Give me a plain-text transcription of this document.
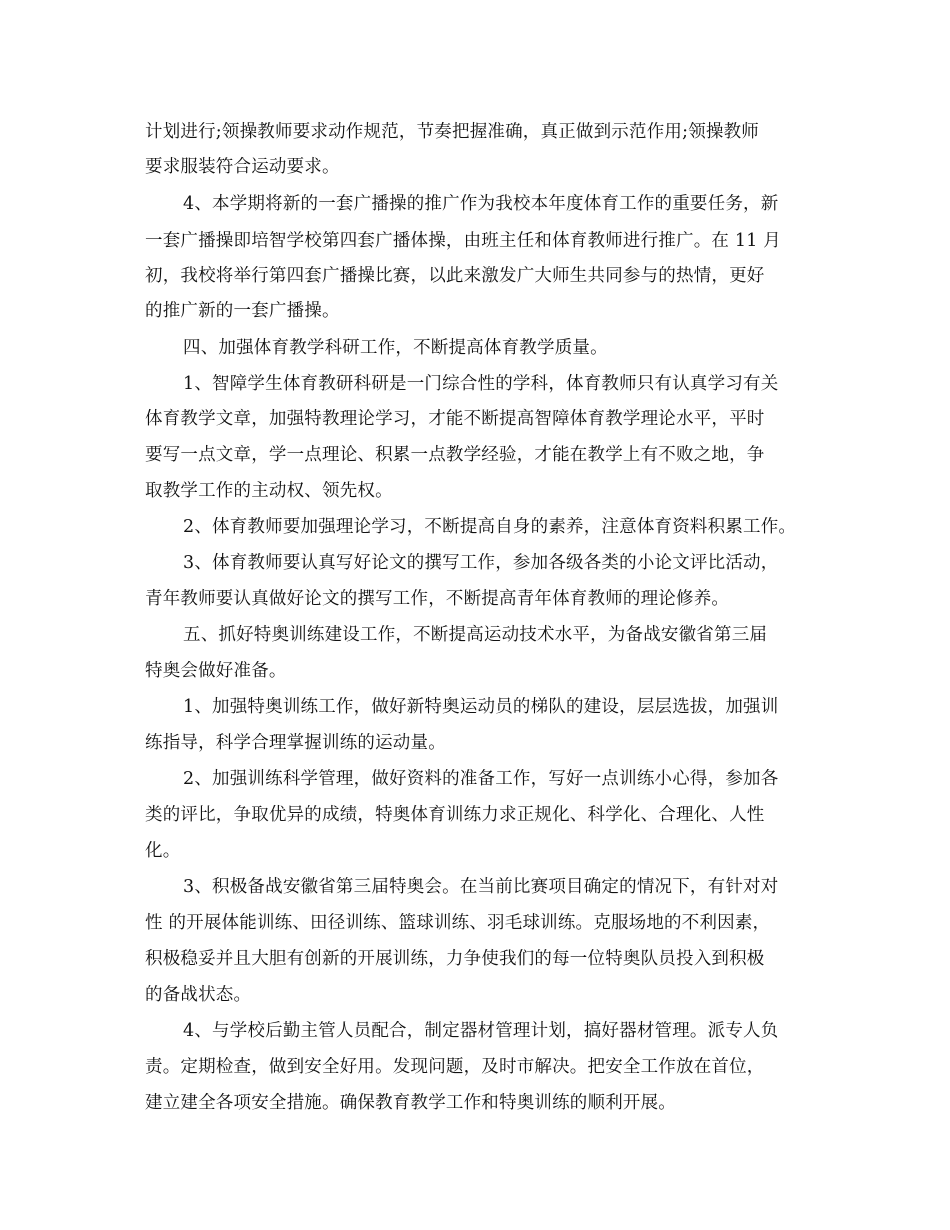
计划进行;领操教师要求动作规范，节奏把握准确，真正做到示范作用;领操教师
要求服装符合运动要求。
4、本学期将新的一套广播操的推广作为我校本年度体育工作的重要任务，新
一套广播操即培智学校第四套广播体操，由班主任和体育教师进行推广。在 11 月
初，我校将举行第四套广播操比赛，以此来激发广大师生共同参与的热情，更好
的推广新的一套广播操。
四、加强体育教学科研工作，不断提高体育教学质量。
1、智障学生体育教研科研是一门综合性的学科，体育教师只有认真学习有关
体育教学文章，加强特教理论学习，才能不断提高智障体育教学理论水平，平时
要写一点文章，学一点理论、积累一点教学经验，才能在教学上有不败之地，争
取教学工作的主动权、领先权。
2、体育教师要加强理论学习，不断提高自身的素养，注意体育资料积累工作。
3、体育教师要认真写好论文的撰写工作，参加各级各类的小论文评比活动，
青年教师要认真做好论文的撰写工作，不断提高青年体育教师的理论修养。
五、抓好特奥训练建设工作，不断提高运动技术水平，为备战安徽省第三届
特奥会做好准备。
1、加强特奥训练工作，做好新特奥运动员的梯队的建设，层层选拔，加强训
练指导，科学合理掌握训练的运动量。
2、加强训练科学管理，做好资料的准备工作，写好一点训练小心得，参加各
类的评比，争取优异的成绩，特奥体育训练力求正规化、科学化、合理化、人性
化。
3、积极备战安徽省第三届特奥会。在当前比赛项目确定的情况下，有针对对
性 的开展体能训练、田径训练、篮球训练、羽毛球训练。克服场地的不利因素，
积极稳妥并且大胆有创新的开展训练，力争使我们的每一位特奥队员投入到积极
的备战状态。
4、与学校后勤主管人员配合，制定器材管理计划，搞好器材管理。派专人负
责。定期检查，做到安全好用。发现问题，及时市解决。把安全工作放在首位，
建立建全各项安全措施。确保教育教学工作和特奥训练的顺利开展。
